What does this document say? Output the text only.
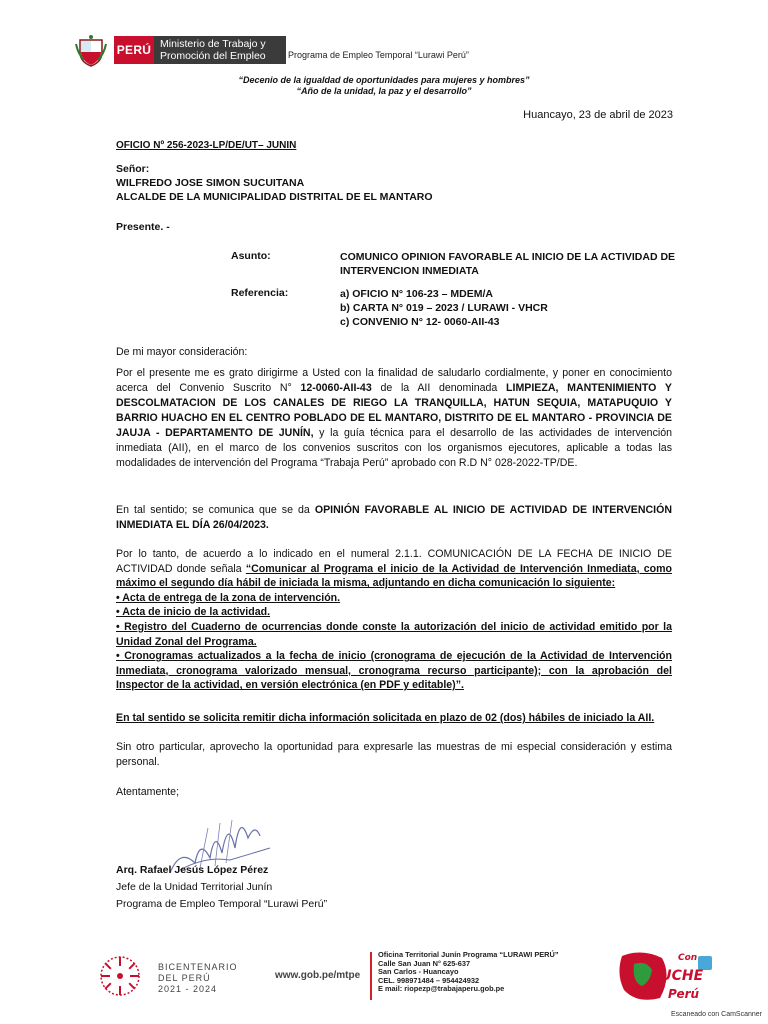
PERÚ Ministerio de Trabajo y Promoción del Empleo	Programa de Empleo Temporal “Lurawi Perú”
“Decenio de la igualdad de oportunidades para mujeres y hombres”
“Año de la unidad, la paz y el desarrollo”
Huancayo, 23 de abril de 2023
OFICIO Nº 256-2023-LP/DE/UT– JUNIN
Señor:
WILFREDO JOSE SIMON SUCUITANA
ALCALDE DE LA MUNICIPALIDAD DISTRITAL DE EL MANTARO
Presente. -
Asunto:	COMUNICO OPINION FAVORABLE AL INICIO DE LA ACTIVIDAD DE INTERVENCION INMEDIATA
Referencia:	a) OFICIO N° 106-23 – MDEM/A
b) CARTA N° 019 – 2023 / LURAWI - VHCR
c) CONVENIO N° 12- 0060-AII-43
De mi mayor consideración:
Por el presente me es grato dirigirme a Usted con la finalidad de saludarlo cordialmente, y poner en conocimiento acerca del Convenio Suscrito N° 12-0060-AII-43 de la AII denominada LIMPIEZA, MANTENIMIENTO Y DESCOLMATACION DE LOS CANALES DE RIEGO LA TRANQUILLA, HATUN SEQUIA, MATAPUQUIO Y BARRIO HUACHO EN EL CENTRO POBLADO DE EL MANTARO, DISTRITO DE EL MANTARO - PROVINCIA DE JAUJA - DEPARTAMENTO DE JUNÍN, y la guía técnica para el desarrollo de las actividades de intervención inmediata (AII), en el marco de los convenios suscritos con los organismos ejecutores, aplicable a todas las modalidades de intervención del Programa “Trabaja Perú” aprobado con R.D N° 028-2022-TP/DE.
En tal sentido; se comunica que se da OPINIÓN FAVORABLE AL INICIO DE ACTIVIDAD DE INTERVENCIÓN INMEDIATA EL DÍA 26/04/2023.
Por lo tanto, de acuerdo a lo indicado en el numeral 2.1.1. COMUNICACIÓN DE LA FECHA DE INICIO DE ACTIVIDAD donde señala “Comunicar al Programa el inicio de la Actividad de Intervención Inmediata, como máximo el segundo día hábil de iniciada la misma, adjuntando en dicha comunicación lo siguiente:
• Acta de entrega de la zona de intervención.
• Acta de inicio de la actividad.
• Registro del Cuaderno de ocurrencias donde conste la autorización del inicio de actividad emitido por la Unidad Zonal del Programa.
• Cronogramas actualizados a la fecha de inicio (cronograma de ejecución de la Actividad de Intervención Inmediata, cronograma valorizado mensual, cronograma recurso participante); con la aprobación del Inspector de la actividad, en versión electrónica (en PDF y editable)”.
En tal sentido se solicita remitir dicha información solicitada en plazo de 02 (dos) hábiles de iniciado la AII.
Sin otro particular, aprovecho la oportunidad para expresarle las muestras de mi especial consideración y estima personal.
Atentamente;
Arq. Rafael Jesús López Pérez
Jefe de la Unidad Territorial Junín
Programa de Empleo Temporal “Lurawi Perú”
BICENTENARIO
DEL PERÚ
2021 - 2024
www.gob.pe/mtpe
Oficina Territorial Junín Programa “LURAWI PERÚ”
Calle San Juan N° 625-637
San Carlos - Huancayo
CEL. 998971484 – 954424932
E mail: riopezp@trabajaperu.gob.pe
Con
PUCHE
Perú
Escaneado con CamScanner
